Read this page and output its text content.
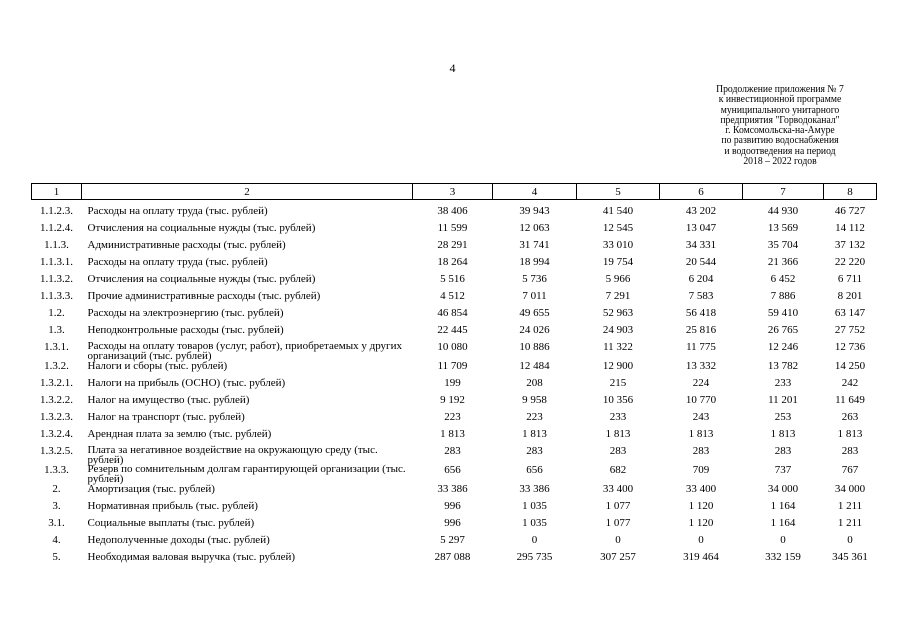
4
Продолжение приложения № 7
к инвестиционной программе
муниципального унитарного
предприятия "Горводоканал"
г. Комсомольска-на-Амуре
по развитию водоснабжения
и водоотведения на период
2018 – 2022 годов
1	2	3	4	5	6	7	8
1.1.2.3.	Расходы на оплату труда (тыс. рублей)	38 406	39 943	41 540	43 202	44 930	46 727
1.1.2.4.	Отчисления на социальные нужды (тыс. рублей)	11 599	12 063	12 545	13 047	13 569	14 112
1.1.3.	Административные расходы (тыс. рублей)	28 291	31 741	33 010	34 331	35 704	37 132
1.1.3.1.	Расходы на оплату труда (тыс. рублей)	18 264	18 994	19 754	20 544	21 366	22 220
1.1.3.2.	Отчисления на социальные нужды (тыс. рублей)	5 516	5 736	5 966	6 204	6 452	6 711
1.1.3.3.	Прочие административные расходы (тыс. рублей)	4 512	7 011	7 291	7 583	7 886	8 201
1.2.	Расходы на электроэнергию (тыс. рублей)	46 854	49 655	52 963	56 418	59 410	63 147
1.3.	Неподконтрольные расходы (тыс. рублей)	22 445	24 026	24 903	25 816	26 765	27 752
1.3.1.	Расходы на оплату товаров (услуг, работ), приобретаемых у других организаций (тыс. рублей)	10 080	10 886	11 322	11 775	12 246	12 736
1.3.2.	Налоги и сборы (тыс. рублей)	11 709	12 484	12 900	13 332	13 782	14 250
1.3.2.1.	Налоги на прибыль (ОСНО) (тыс. рублей)	199	208	215	224	233	242
1.3.2.2.	Налог на имущество (тыс. рублей)	9 192	9 958	10 356	10 770	11 201	11 649
1.3.2.3.	Налог на транспорт (тыс. рублей)	223	223	233	243	253	263
1.3.2.4.	Арендная плата за землю (тыс. рублей)	1 813	1 813	1 813	1 813	1 813	1 813
1.3.2.5.	Плата за негативное воздействие на окружающую среду (тыс. рублей)	283	283	283	283	283	283
1.3.3.	Резерв по сомнительным долгам гарантирующей организации (тыс. рублей)	656	656	682	709	737	767
2.	Амортизация (тыс. рублей)	33 386	33 386	33 400	33 400	34 000	34 000
3.	Нормативная прибыль (тыс. рублей)	996	1 035	1 077	1 120	1 164	1 211
3.1.	Социальные выплаты (тыс. рублей)	996	1 035	1 077	1 120	1 164	1 211
4.	Недополученные доходы (тыс. рублей)	5 297	0	0	0	0	0
5.	Необходимая валовая выручка (тыс. рублей)	287 088	295 735	307 257	319 464	332 159	345 361
